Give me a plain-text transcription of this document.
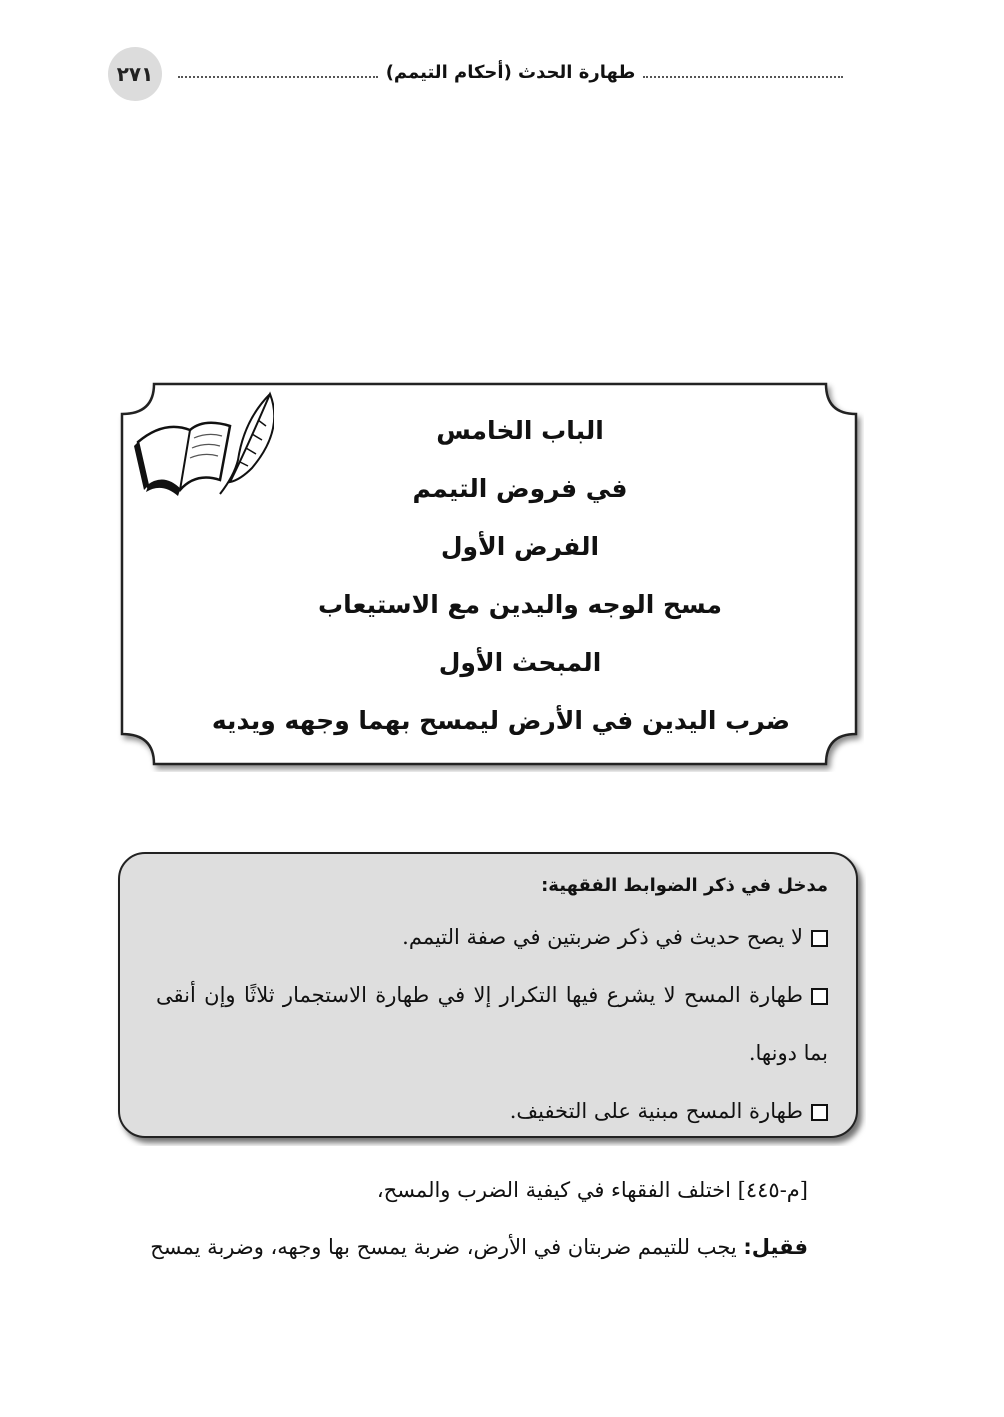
٢٧١	طهارة الحدث (أحكام التيمم)
الباب الخامس
في فروض التيمم
الفرض الأول
مسح الوجه واليدين مع الاستيعاب
المبحث الأول
ضرب اليدين في الأرض ليمسح بهما وجهه ويديه
مدخل في ذكر الضوابط الفقهية:
لا يصح حديث في ذكر ضربتين في صفة التيمم.
طهارة المسح لا يشرع فيها التكرار إلا في طهارة الاستجمار ثلاثًا وإن أنقى بما دونها.
طهارة المسح مبنية على التخفيف.
[م-٤٤٥] اختلف الفقهاء في كيفية الضرب والمسح،
فقيل: يجب للتيمم ضربتان في الأرض، ضربة يمسح بها وجهه، وضربة يمسح
